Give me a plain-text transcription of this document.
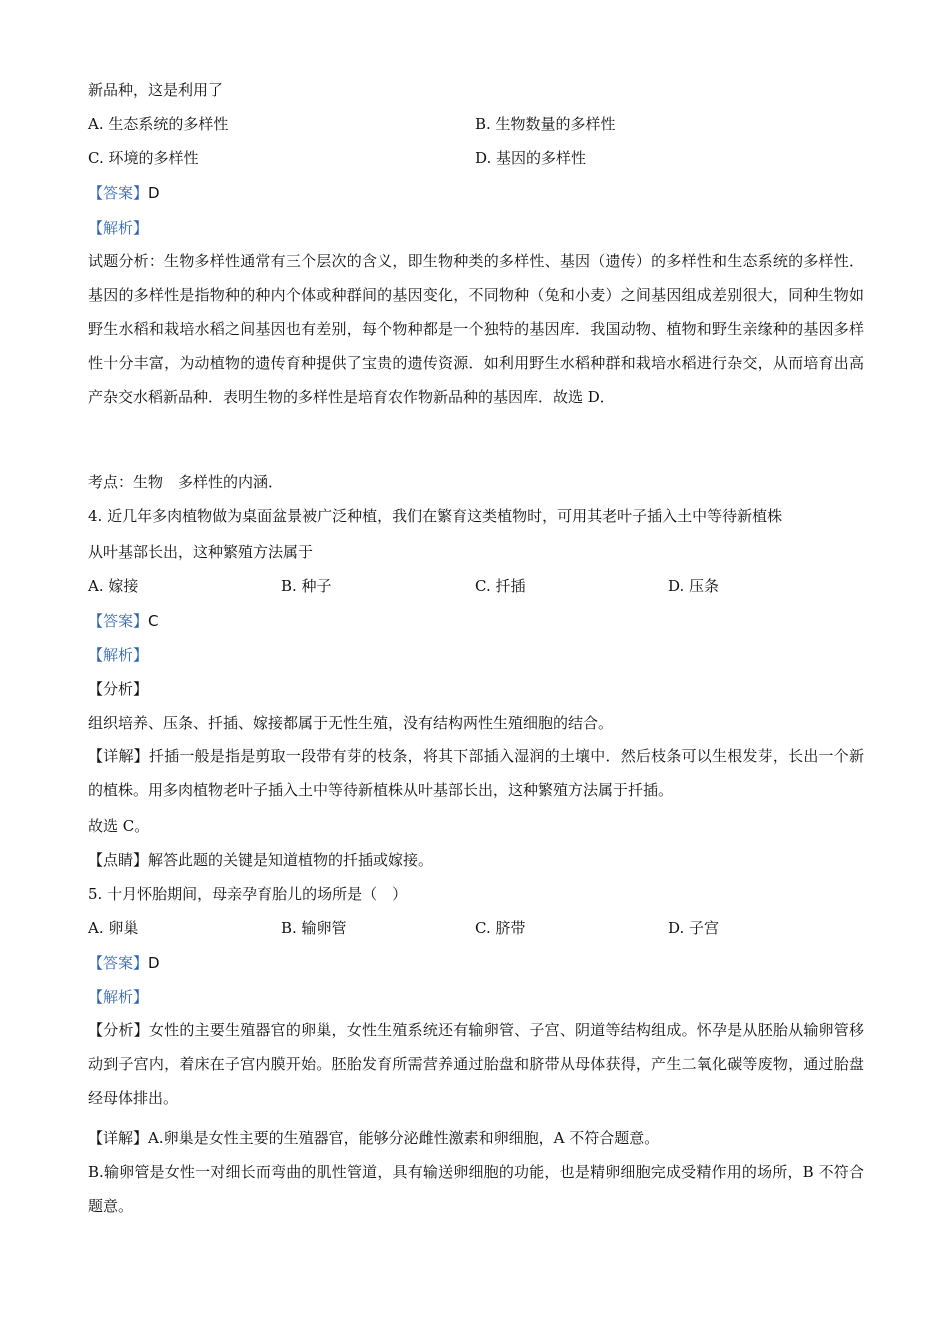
新品种，这是利用了
A. 生态系统的多样性	B. 生物数量的多样性
C. 环境的多样性	D. 基因的多样性
【答案】D
【解析】
试题分析：生物多样性通常有三个层次的含义，即生物种类的多样性、基因（遗传）的多样性和生态系统的多样性．基因的多样性是指物种的种内个体或种群间的基因变化，不同物种（兔和小麦）之间基因组成差别很大，同种生物如野生水稻和栽培水稻之间基因也有差别，每个物种都是一个独特的基因库．我国动物、植物和野生亲缘种的基因多样性十分丰富，为动植物的遗传育种提供了宝贵的遗传资源．如利用野生水稻种群和栽培水稻进行杂交，从而培育出高产杂交水稻新品种．表明生物的多样性是培育农作物新品种的基因库．故选 D．
考点：生物　多样性的内涵．
4. 近几年多肉植物做为桌面盆景被广泛种植，我们在繁育这类植物时，可用其老叶子插入土中等待新植株
从叶基部长出，这种繁殖方法属于
A. 嫁接	B. 种子	C. 扦插	D. 压条
【答案】C
【解析】
【分析】
组织培养、压条、扦插、嫁接都属于无性生殖，没有结构两性生殖细胞的结合。
【详解】扦插一般是指是剪取一段带有芽的枝条，将其下部插入湿润的土壤中．然后枝条可以生根发芽，长出一个新的植株。用多肉植物老叶子插入土中等待新植株从叶基部长出，这种繁殖方法属于扦插。
故选 C。
【点睛】解答此题的关键是知道植物的扦插或嫁接。
5. 十月怀胎期间，母亲孕育胎儿的场所是（　）
A. 卵巢	B. 输卵管	C. 脐带	D. 子宫
【答案】D
【解析】
【分析】女性的主要生殖器官的卵巢，女性生殖系统还有输卵管、子宫、阴道等结构组成。怀孕是从胚胎从输卵管移动到子宫内，着床在子宫内膜开始。胚胎发育所需营养通过胎盘和脐带从母体获得，产生二氧化碳等废物，通过胎盘经母体排出。
【详解】A.卵巢是女性主要的生殖器官，能够分泌雌性激素和卵细胞，A 不符合题意。
B.输卵管是女性一对细长而弯曲的肌性管道，具有输送卵细胞的功能，也是精卵细胞完成受精作用的场所，B 不符合题意。
